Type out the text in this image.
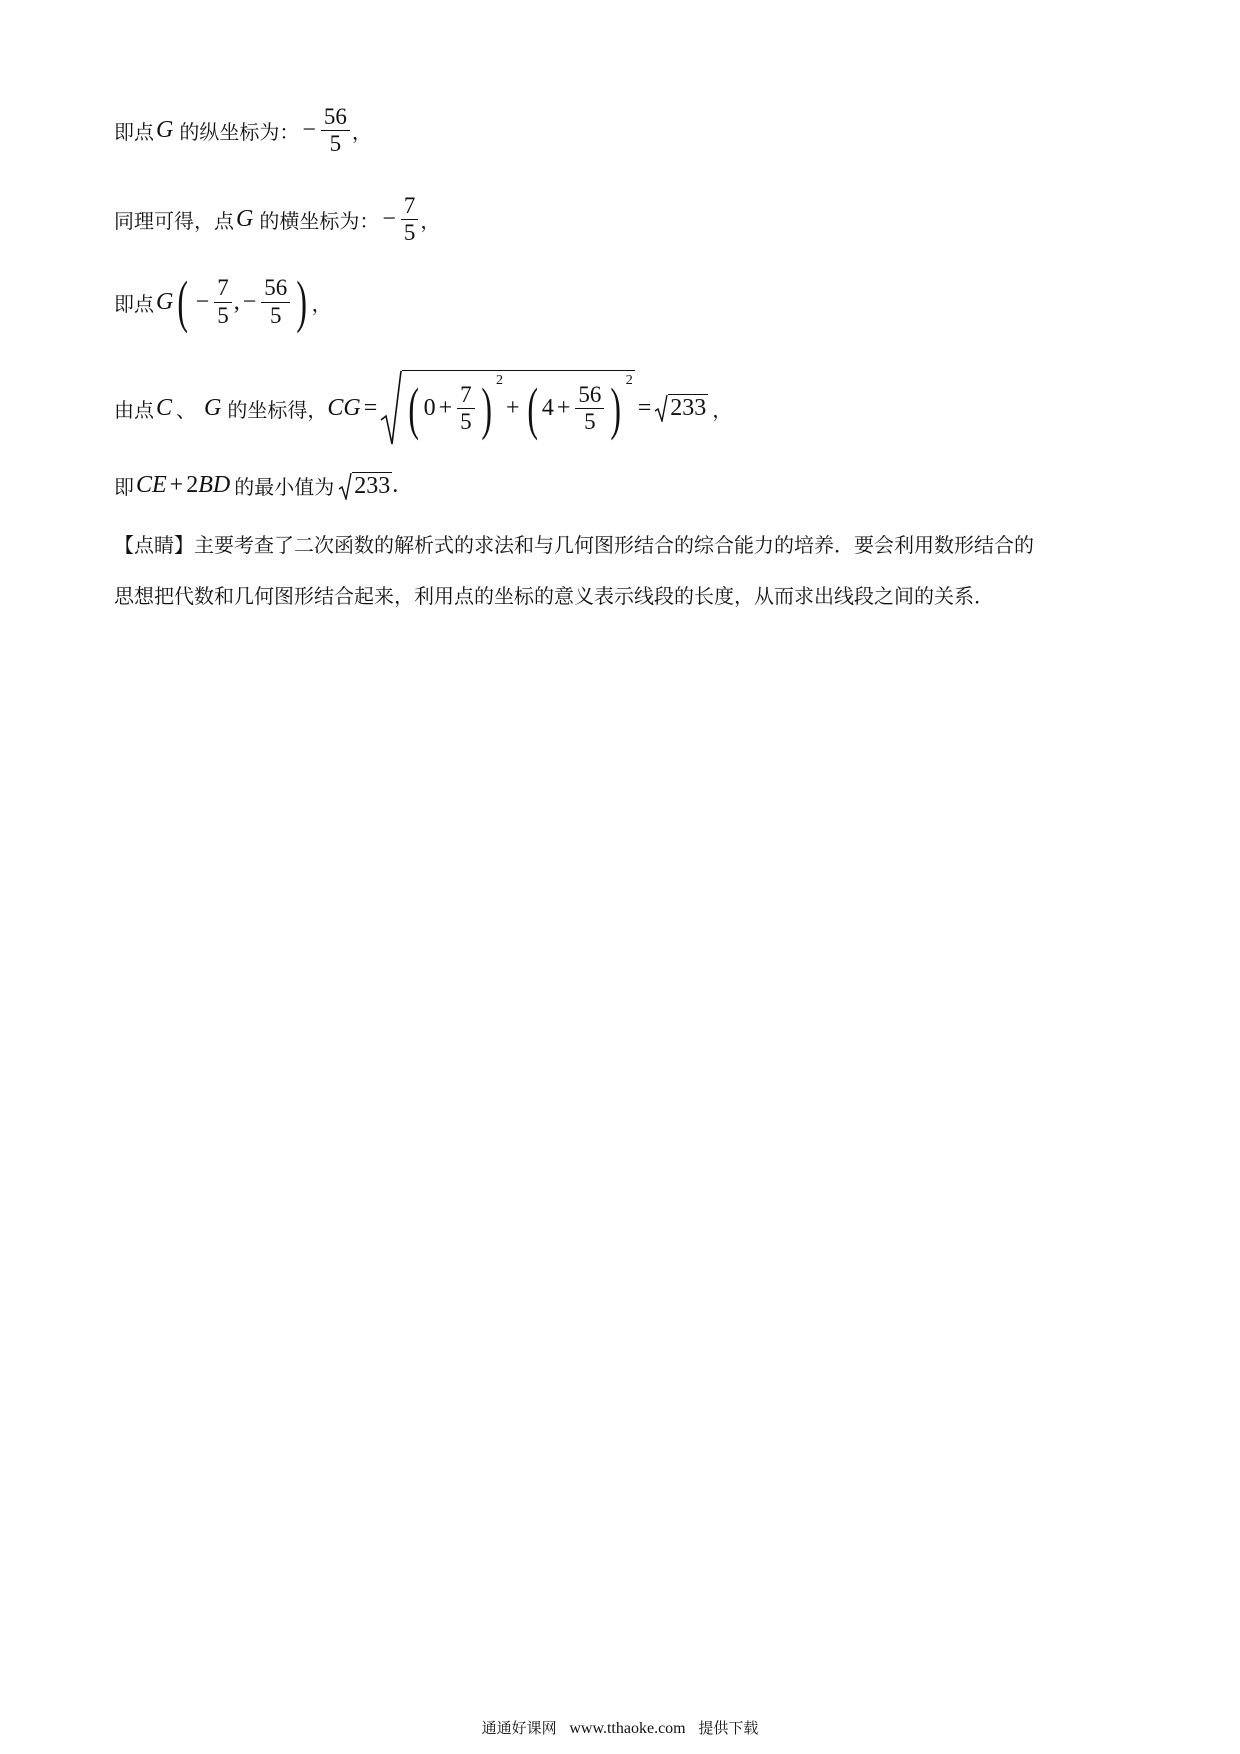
即点 G 的纵坐标为： − $\frac{56}{5}$ ，
同理可得，点 G 的横坐标为： − $\frac{7}{5}$ ，
即点 G ( − $\frac{7}{5}$ , − $\frac{56}{5}$ ) ，
由点 C 、 G 的坐标得， CG = ( $0 + \frac{7}{5}$ ) 2
+ ( $4 + \frac{56}{5}$ ) 2
= 233 ，
即 CE + 2 BD 的最小值为 233 .
【点睛】主要考查了二次函数的解析式的求法和与几何图形结合的综合能力的培养．要会利用数形结合的
思想把代数和几何图形结合起来，利用点的坐标的意义表示线段的长度，从而求出线段之间的关系．
通通好课网 www.tthaoke.com 提供下载
